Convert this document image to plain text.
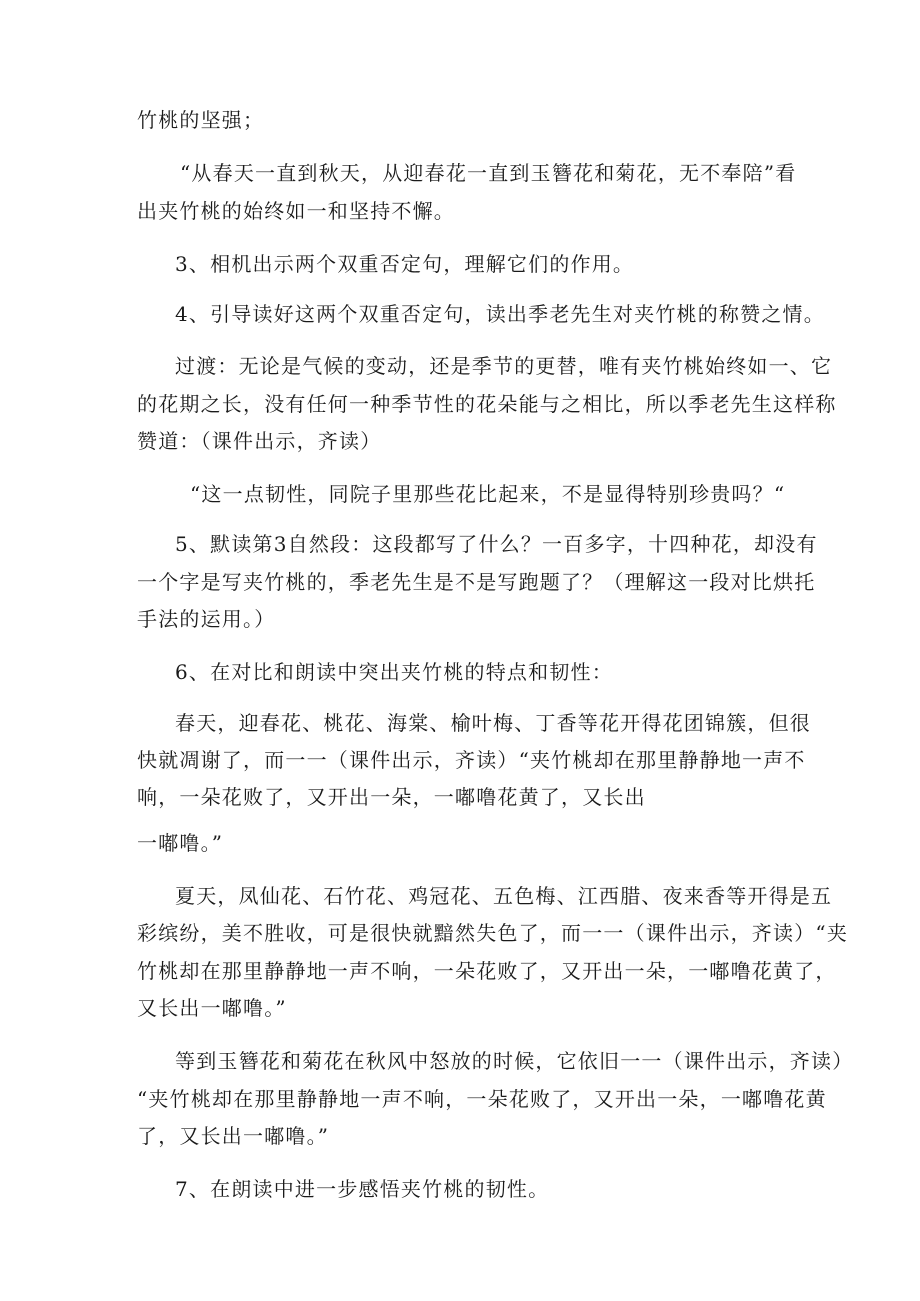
竹桃的坚强；

“从春天一直到秋天，从迎春花一直到玉簪花和菊花，无不奉陪”看

出夹竹桃的始终如一和坚持不懈。

3、相机出示两个双重否定句，理解它们的作用。

4、引导读好这两个双重否定句，读出季老先生对夹竹桃的称赞之情。

过渡：无论是气候的变动，还是季节的更替，唯有夹竹桃始终如一、它

的花期之长，没有任何一种季节性的花朵能与之相比，所以季老先生这样称

赞道：（课件出示，齐读）

“这一点韧性，同院子里那些花比起来，不是显得特别珍贵吗？“

5、默读第3自然段：这段都写了什么？一百多字，十四种花，却没有

一个字是写夹竹桃的，季老先生是不是写跑题了？（理解这一段对比烘托

手法的运用。）

6、在对比和朗读中突出夹竹桃的特点和韧性：

春天，迎春花、桃花、海棠、榆叶梅、丁香等花开得花团锦簇，但很

快就凋谢了，而一一（课件出示，齐读）“夹竹桃却在那里静静地一声不

响，一朵花败了，又开出一朵，一嘟噜花黄了，又长出

一嘟噜。”

夏天，凤仙花、石竹花、鸡冠花、五色梅、江西腊、夜来香等开得是五

彩缤纷，美不胜收，可是很快就黯然失色了，而一一（课件出示，齐读）“夹

竹桃却在那里静静地一声不响，一朵花败了，又开出一朵，一嘟噜花黄了，

又长出一嘟噜。”

等到玉簪花和菊花在秋风中怒放的时候，它依旧一一（课件出示，齐读）

“夹竹桃却在那里静静地一声不响，一朵花败了，又开出一朵，一嘟噜花黄

了，又长出一嘟噜。”

7、在朗读中进一步感悟夹竹桃的韧性。
